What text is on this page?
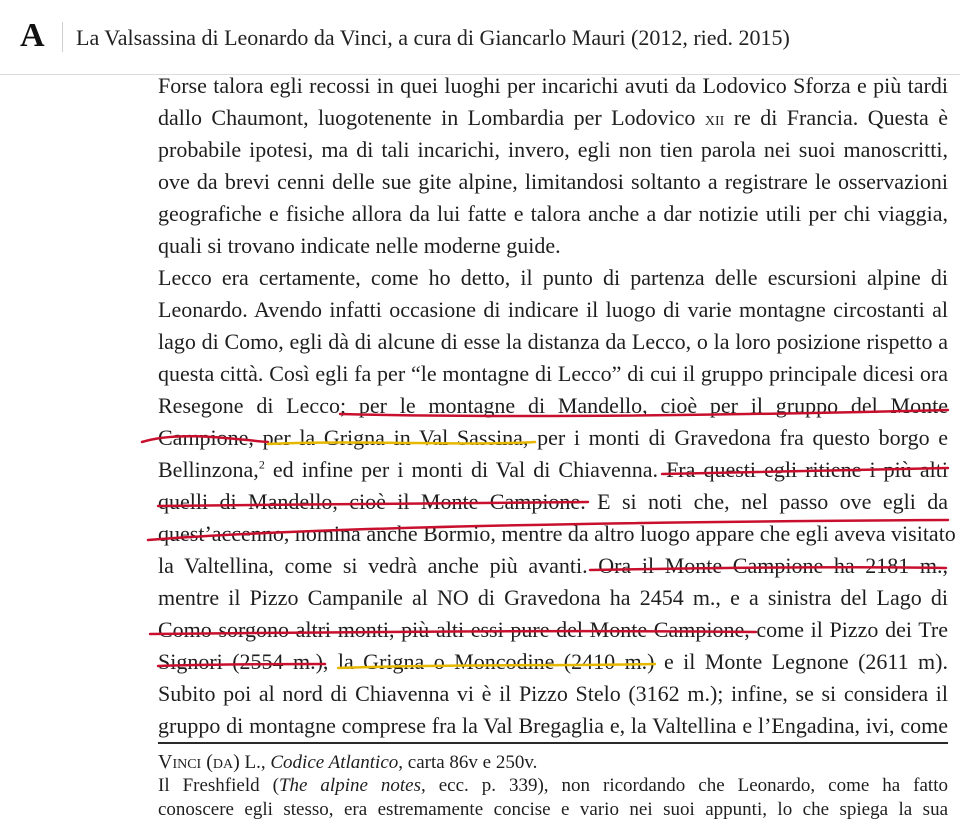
A La Valsassina di Leonardo da Vinci, a cura di Giancarlo Mauri (2012, ried. 2015)
Forse talora egli recossi in quei luoghi per incarichi avuti da Lodovico Sforza e più tardi
dallo Chaumont, luogotenente in Lombardia per Lodovico xii re di Francia. Questa è
probabile ipotesi, ma di tali incarichi, invero, egli non tien parola nei suoi manoscritti,
ove da brevi cenni delle sue gite alpine, limitandosi soltanto a registrare le osservazioni
geografiche e fisiche allora da lui fatte e talora anche a dar notizie utili per chi viaggia,
quali si trovano indicate nelle moderne guide.
Lecco era certamente, come ho detto, il punto di partenza delle escursioni alpine di
Leonardo. Avendo infatti occasione di indicare il luogo di varie montagne circostanti al
lago di Como, egli dà di alcune di esse la distanza da Lecco, o la loro posizione rispetto a
questa città. Così egli fa per “le montagne di Lecco” di cui il gruppo principale dicesi ora
Resegone di Lecco; per le montagne di Mandello, cioè per il gruppo del Monte
Campione, per la Grigna in Val Sassina, per i monti di Gravedona fra questo borgo e
Bellinzona,$^2$ ed infine per i monti di Val di Chiavenna. Fra questi egli ritiene i più alti
quelli di Mandello, cioè il Monte Campione. E si noti che, nel passo ove egli da
quest’accenno, nomina anche Bormio, mentre da altro luogo appare che egli aveva visitato
la Valtellina, come si vedrà anche più avanti. Ora il Monte Campione ha 2181 m.,
mentre il Pizzo Campanile al NO di Gravedona ha 2454 m., e a sinistra del Lago di
Como sorgono altri monti, più alti essi pure del Monte Campione, come il Pizzo dei Tre
Signori (2554 m.), la Grigna o Moncodine (2410 m.) e il Monte Legnone (2611 m).
Subito poi al nord di Chiavenna vi è il Pizzo Stelo (3162 m.); infine, se si considera il
gruppo di montagne comprese fra la Val Bregaglia e, la Valtellina e l’Engadina, ivi, come
Vinci (da) L., Codice Atlantico, carta 86v e 250v.
Il Freshfield (The alpine notes, ecc. p. 339), non ricordando che Leonardo, come ha fatto
conoscere egli stesso, era estremamente concise e vario nei suoi appunti, lo che spiega la sua
